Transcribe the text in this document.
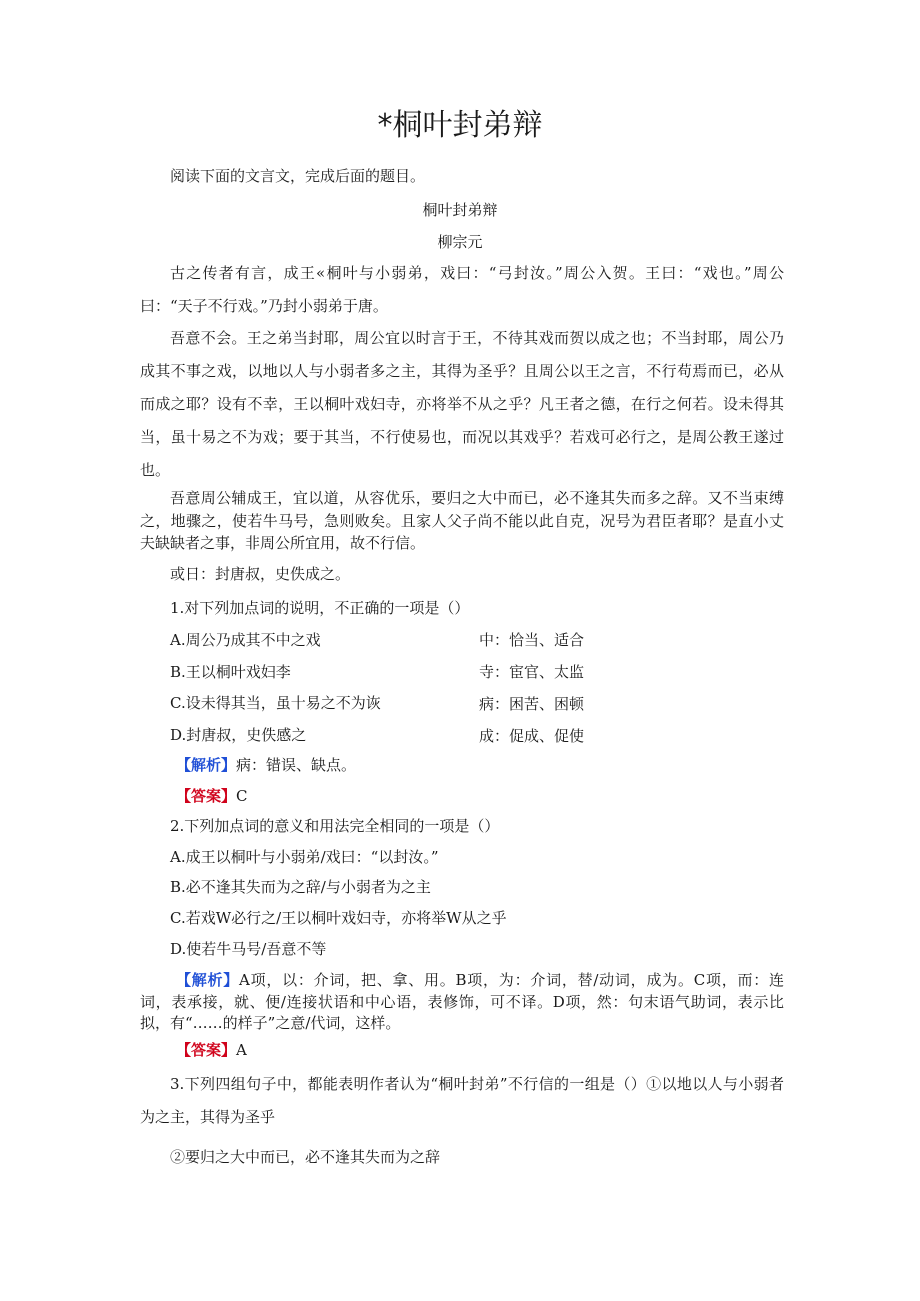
*桐叶封弟辩
阅读下面的文言文，完成后面的题目。
桐叶封弟辩
柳宗元
古之传者有言，成王«桐叶与小弱弟，戏曰：“弓封汝。”周公入贺。王曰：“戏也。”周公曰：“天子不行戏。”乃封小弱弟于唐。
吾意不会。王之弟当封耶，周公宜以时言于王，不待其戏而贺以成之也；不当封耶，周公乃成其不事之戏，以地以人与小弱者多之主，其得为圣乎？且周公以王之言，不行苟焉而已，必从而成之耶？设有不幸，王以桐叶戏妇寺，亦将举不从之乎？凡王者之德，在行之何若。设未得其当，虽十易之不为戏；要于其当，不行使易也，而况以其戏乎？若戏可必行之，是周公教王遂过也。
吾意周公辅成王，宜以道，从容优乐，要归之大中而已，必不逢其失而多之辞。又不当束缚之，地骤之，使若牛马号，急则败矣。且家人父子尚不能以此自克，况号为君臣者耶？是直小丈夫缺缺者之事，非周公所宜用，故不行信。
或日：封唐叔，史佚成之。
1.对下列加点词的说明，不正确的一项是（）
A.周公乃成其不中之戏	中：恰当、适合
B.王以桐叶戏妇李	寺：宦官、太监
C.设未得其当，虽十易之不为诙	病：困苦、困顿
D.封唐叔，史佚感之	成：促成、促使
【解析】病：错误、缺点。
【答案】C
2.下列加点词的意义和用法完全相同的一项是（）
A.成王以桐叶与小弱弟/戏曰：“以封汝。”
B.必不逢其失而为之辞/与小弱者为之主
C.若戏W必行之/王以桐叶戏妇寺，亦将举W从之乎
D.使若牛马号/吾意不等
【解析】A项，以：介词，把、拿、用。B项，为：介词，替/动词，成为。C项，而：连词，表承接，就、便/连接状语和中心语，表修饰，可不译。D项，然：句末语气助词，表示比拟，有“……的样子”之意/代词，这样。
【答案】A
3.下列四组句子中，都能表明作者认为“桐叶封弟”不行信的一组是（）①以地以人与小弱者为之主，其得为圣乎
②要归之大中而已，必不逢其失而为之辞
